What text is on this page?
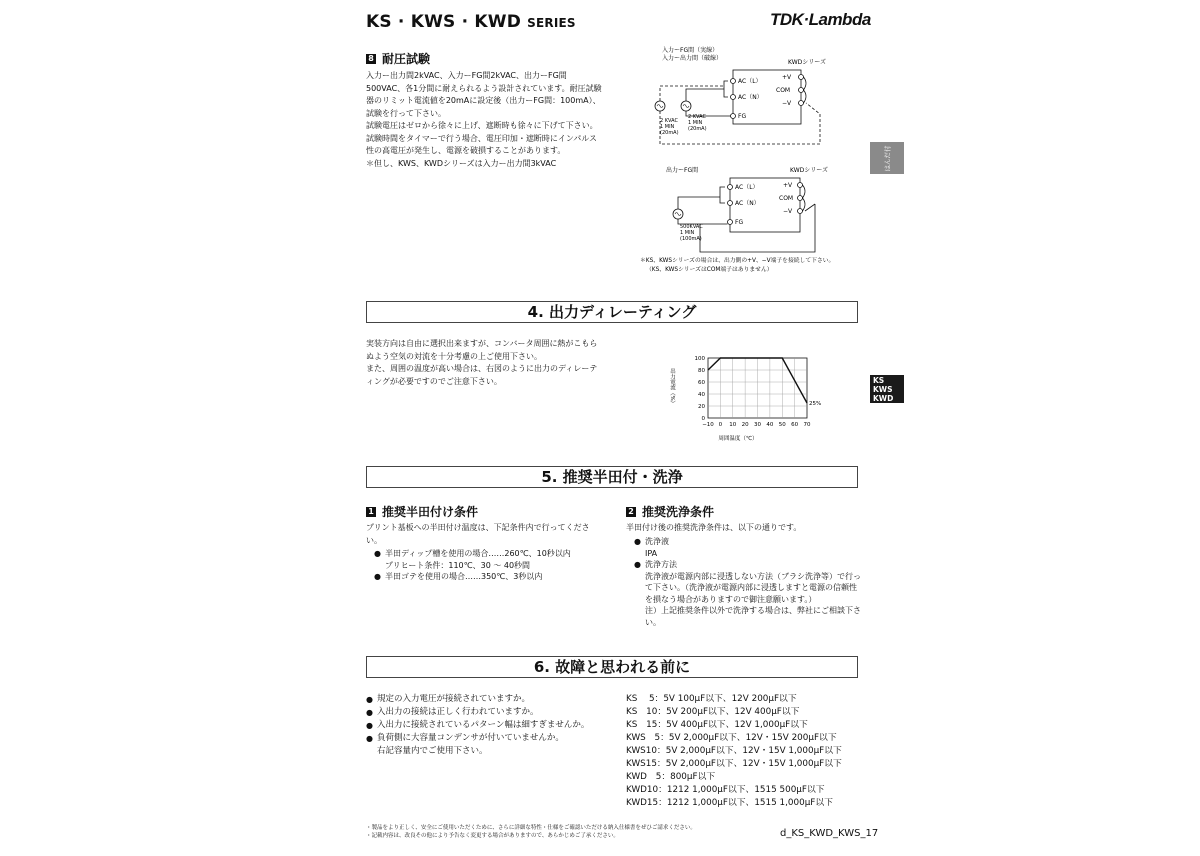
KS · KWS · KWD SERIES	TDK·Lambda
はんだ付
KS
KWS
KWD
8 耐圧試験

入力ー出力間2kVAC、入力ーFG間2kVAC、出力ーFG間500VAC、各1分間に耐えられるよう設計されています。耐圧試験器のリミット電流値を20mAに設定後（出力ーFG間：100mA）、試験を行って下さい。

試験電圧はゼロから徐々に上げ、遮断時も徐々に下げて下さい。試験時間をタイマーで行う場合、電圧印加・遮断時にインパルス性の高電圧が発生し、電源を破損することがあります。

＊但し、KWS、KWDシリーズは入力ー出力間3kVAC

入力ーFG間（実線）
入力ー出力間（破線）
KWDシリーズ
AC（L）
AC（N）
FG
+V
COM
−V
2 KVAC
1 MIN
(20mA)
2 KVAC
1 MIN
(20mA)
出力ーFG間	KWDシリーズ
AC（L）
AC（N）
FG
+V
COM
−V
500KVAC
1 MIN
(100mA)
＊KS、KWSシリーズの場合は、出力側の+V、−V端子を接続して下さい。
（KS、KWSシリーズはCOM端子はありません）
4. 出力ディレーティング

実装方向は自由に選択出来ますが、コンバータ周囲に熱がこもらぬよう空気の対流を十分考慮の上ご使用下さい。

また、周囲の温度が高い場合は、右図のように出力のディレーティングが必要ですのでご注意下さい。

−10 0 10 20 30 40 50 60 70
0
20
40
60
80
100
25%
出力電流（%）
周囲温度（℃）
5. 推奨半田付・洗浄
1 推奨半田付け条件
プリント基板への半田付け温度は、下記条件内で行ってください。
● 半田ディップ槽を使用の場合……260℃、10秒以内
プリヒート条件：110℃、30 ～ 40秒間
● 半田ゴテを使用の場合……350℃、3秒以内
2 推奨洗浄条件
半田付け後の推奨洗浄条件は、以下の通りです。
● 洗浄液
IPA
● 洗浄方法
洗浄液が電源内部に浸透しない方法（ブラシ洗浄等）で行って下さい。（洗浄液が電源内部に浸透しますと電源の信頼性を損なう場合がありますので御注意願います。）
注）上記推奨条件以外で洗浄する場合は、弊社にご相談下さい。
6. 故障と思われる前に
● 規定の入力電圧が接続されていますか。
● 入出力の接続は正しく行われていますか。
● 入出力に接続されているパターン幅は細すぎませんか。
● 負荷側に大容量コンデンサが付いていませんか。
右記容量内でご使用下さい。
KS　 5：5V 100μF以下、12V 200μF以下
KS　10：5V 200μF以下、12V 400μF以下
KS　15：5V 400μF以下、12V 1,000μF以下
KWS　5：5V 2,000μF以下、12V・15V 200μF以下
KWS10：5V 2,000μF以下、12V・15V 1,000μF以下
KWS15：5V 2,000μF以下、12V・15V 1,000μF以下
KWD　5：800μF以下
KWD10：1212 1,000μF以下、1515 500μF以下
KWD15：1212 1,000μF以下、1515 1,000μF以下
・製品をより正しく、安全にご使用いただくために、さらに詳細な特性・仕様をご確認いただける納入仕様書をぜひご請求ください。
・記載内容は、改良その他により予告なく変更する場合がありますので、あらかじめご了承ください。	d_KS_KWD_KWS_17
